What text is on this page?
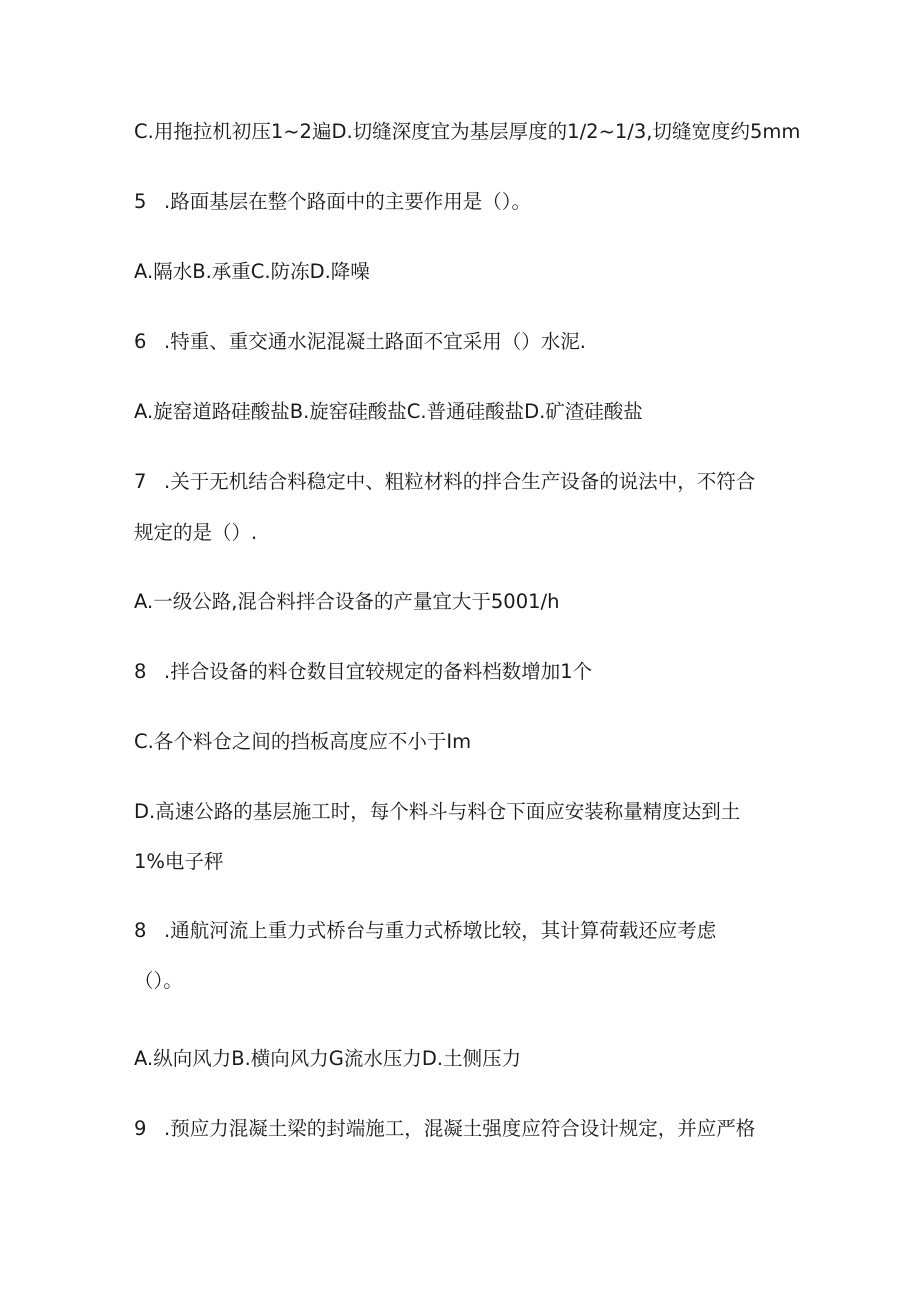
C.用拖拉机初压1~2遍D.切缝深度宜为基层厚度的1∕2~1∕3,切缝宽度约5mm
5 .路面基层在整个路面中的主要作用是（）。
A.隔水B.承重C.防冻D.降噪
6 .特重、重交通水泥混凝土路面不宜采用（）水泥.
A.旋窑道路硅酸盐B.旋窑硅酸盐C.普通硅酸盐D.矿渣硅酸盐
7 .关于无机结合料稳定中、粗粒材料的拌合生产设备的说法中，不符合
规定的是（）.
A.一级公路,混合料拌合设备的产量宜大于5001∕h
8 .拌合设备的料仓数目宜较规定的备料档数增加1个
C.各个料仓之间的挡板高度应不小于Im
D.高速公路的基层施工时，每个料斗与料仓下面应安装称量精度达到土
1%电子秤
8 .通航河流上重力式桥台与重力式桥墩比较，其计算荷载还应考虑
（）。
A.纵向风力B.横向风力G流水压力D.土侧压力
9 .预应力混凝土梁的封端施工，混凝土强度应符合设计规定，并应严格
